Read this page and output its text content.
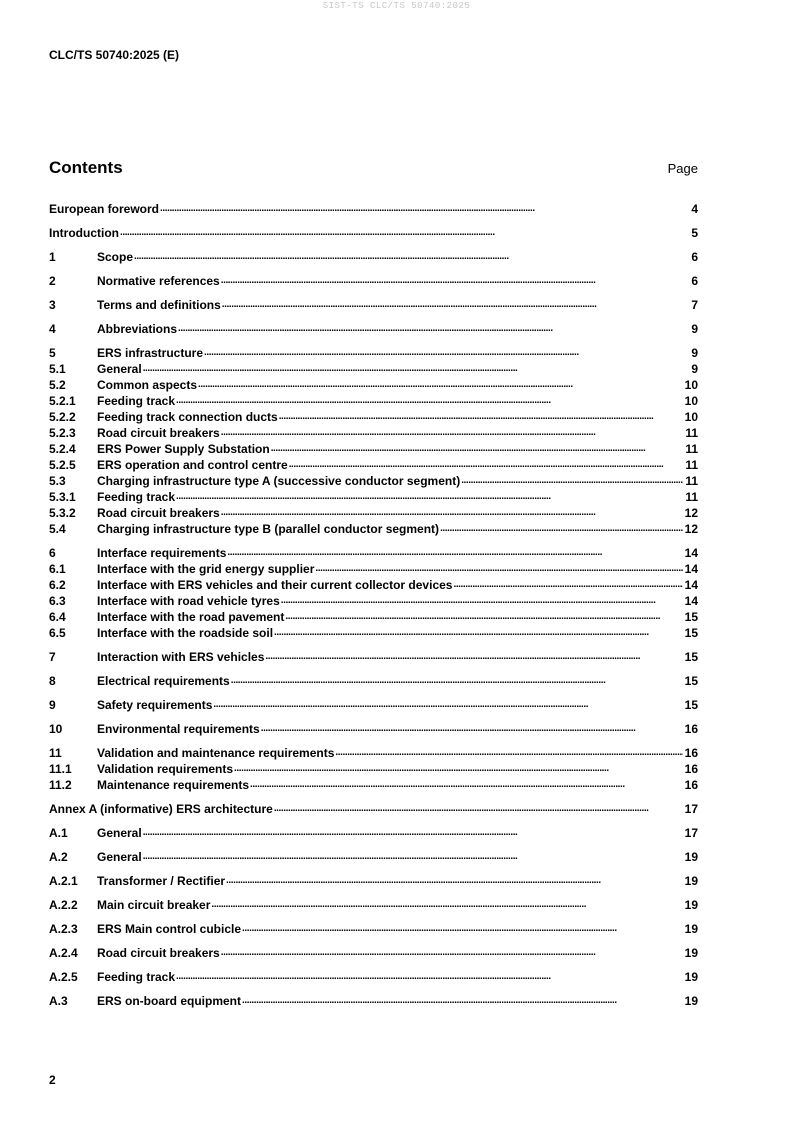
SIST-TS CLC/TS 50740:2025
CLC/TS 50740:2025 (E)
Contents	Page
European foreword . . .	4
Introduction . . .	5
1	Scope . . .	6
2	Normative references . . .	6
3	Terms and definitions . . .	7
4	Abbreviations . . .	9
5	ERS infrastructure . . .	9
5.1	General . . .	9
5.2	Common aspects . . .	10
5.2.1	Feeding track . . .	10
5.2.2	Feeding track connection ducts . . .	10
5.2.3	Road circuit breakers . . .	11
5.2.4	ERS Power Supply Substation . . .	11
5.2.5	ERS operation and control centre . . .	11
5.3	Charging infrastructure type A (successive conductor segment) . . .	11
5.3.1	Feeding track . . .	11
5.3.2	Road circuit breakers . . .	12
5.4	Charging infrastructure type B (parallel conductor segment) . . .	12
6	Interface requirements . . .	14
6.1	Interface with the grid energy supplier . . .	14
6.2	Interface with ERS vehicles and their current collector devices . . .	14
6.3	Interface with road vehicle tyres . . .	14
6.4	Interface with the road pavement . . .	15
6.5	Interface with the roadside soil . . .	15
7	Interaction with ERS vehicles . . .	15
8	Electrical requirements . . .	15
9	Safety requirements . . .	15
10	Environmental requirements . . .	16
11	Validation and maintenance requirements . . .	16
11.1	Validation requirements . . .	16
11.2	Maintenance requirements . . .	16
Annex A (informative) ERS architecture . . .	17
A.1	General . . .	17
A.2	General . . .	19
A.2.1	Transformer / Rectifier . . .	19
A.2.2	Main circuit breaker . . .	19
A.2.3	ERS Main control cubicle . . .	19
A.2.4	Road circuit breakers . . .	19
A.2.5	Feeding track . . .	19
A.3	ERS on-board equipment . . .	19
2
